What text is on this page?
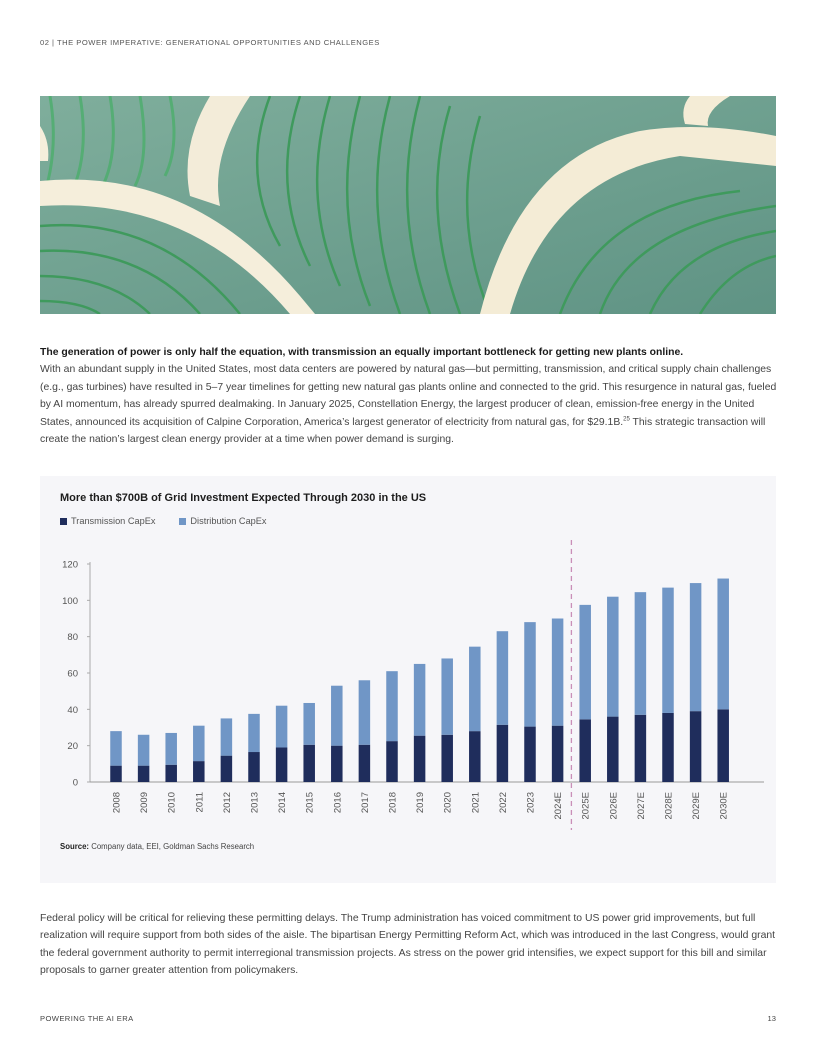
02 | THE POWER IMPERATIVE: GENERATIONAL OPPORTUNITIES AND CHALLENGES
The generation of power is only half the equation, with transmission an equally important bottleneck for getting new plants online.
With an abundant supply in the United States, most data centers are powered by natural gas—but permitting, transmission, and critical supply chain challenges (e.g., gas turbines) have resulted in 5–7 year timelines for getting new natural gas plants online and connected to the grid. This resurgence in natural gas, fueled by AI momentum, has already spurred dealmaking. In January 2025, Constellation Energy, the largest producer of clean, emission-free energy in the United States, announced its acquisition of Calpine Corporation, America’s largest generator of electricity from natural gas, for $29.1B.$^{25}$ This strategic transaction will create the nation’s largest clean energy provider at a time when power demand is surging.
More than $700B of Grid Investment Expected Through 2030 in the US
Transmission CapEx	Distribution CapEx
0
20
40
60
80
100
120
2008 2009 2010 2011 2012 2013 2014 2015 2016 2017 2018 2019 2020 2021 2022 2023 2024E 2025E 2026E 2027E 2028E 2029E 2030E
Source: Company data, EEI, Goldman Sachs Research
Federal policy will be critical for relieving these permitting delays. The Trump administration has voiced commitment to US power grid improvements, but full realization will require support from both sides of the aisle. The bipartisan Energy Permitting Reform Act, which was introduced in the last Congress, would grant the federal government authority to permit interregional transmission projects. As stress on the power grid intensifies, we expect support for this bill and similar proposals to garner greater attention from policymakers.
POWERING THE AI ERA	13
